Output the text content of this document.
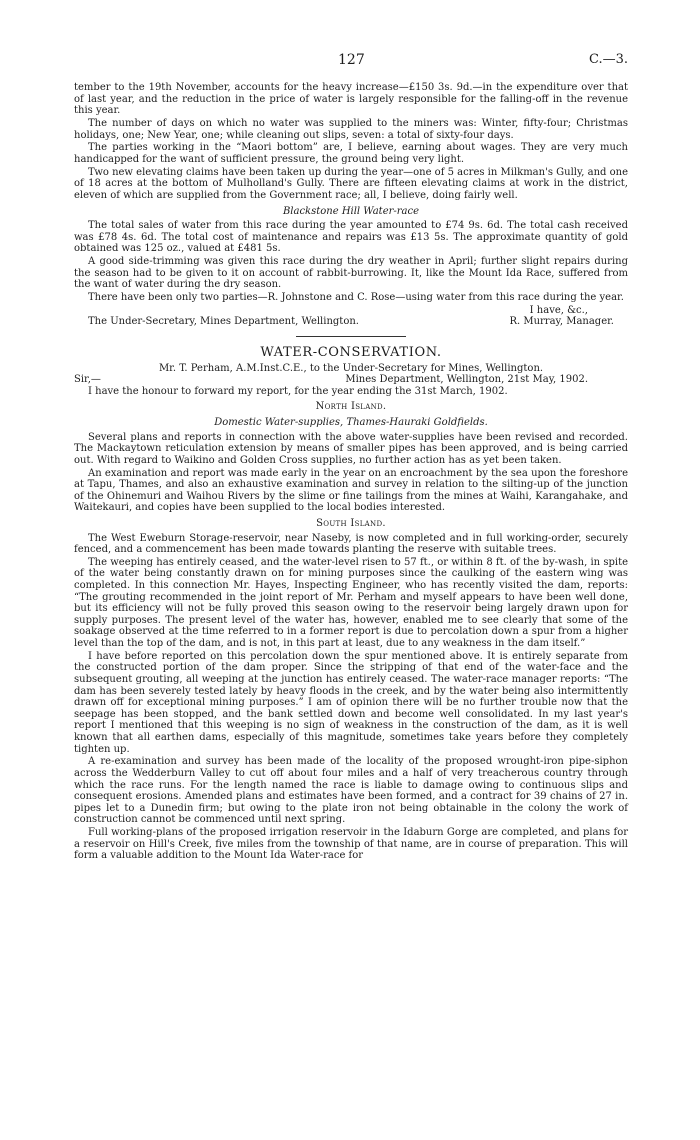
127	C.—3.

tember to the 19th November, accounts for the heavy increase—£150 3s. 9d.—in the expenditure over that of last year, and the reduction in the price of water is largely responsible for the falling-off in the revenue this year.

The number of days on which no water was supplied to the miners was: Winter, fifty-four; Christmas holidays, one; New Year, one; while cleaning out slips, seven: a total of sixty-four days.

The parties working in the “Maori bottom” are, I believe, earning about wages. They are very much handicapped for the want of sufficient pressure, the ground being very light.

Two new elevating claims have been taken up during the year—one of 5 acres in Milkman's Gully, and one of 18 acres at the bottom of Mulholland's Gully. There are fifteen elevating claims at work in the district, eleven of which are supplied from the Government race; all, I believe, doing fairly well.

Blackstone Hill Water-race

The total sales of water from this race during the year amounted to £74 9s. 6d. The total cash received was £78 4s. 6d. The total cost of maintenance and repairs was £13 5s. The approximate quantity of gold obtained was 125 oz., valued at £481 5s.

A good side-trimming was given this race during the dry weather in April; further slight repairs during the season had to be given to it on account of rabbit-burrowing. It, like the Mount Ida Race, suffered from the want of water during the dry season.

There have been only two parties—R. Johnstone and C. Rose—using water from this race during the year.

I have, &c.,
The Under-Secretary, Mines Department, Wellington.	R. Murray, Manager.
WATER-CONSERVATION.
Mr. T. Perham, A.M.Inst.C.E., to the Under-Secretary for Mines, Wellington.
Sir,—	Mines Department, Wellington, 21st May, 1902.

I have the honour to forward my report, for the year ending the 31st March, 1902.

North Island.
Domestic Water-supplies, Thames-Hauraki Goldfields.

Several plans and reports in connection with the above water-supplies have been revised and recorded. The Mackaytown reticulation extension by means of smaller pipes has been approved, and is being carried out. With regard to Waikino and Golden Cross supplies, no further action has as yet been taken.

An examination and report was made early in the year on an encroachment by the sea upon the foreshore at Tapu, Thames, and also an exhaustive examination and survey in relation to the silting-up of the junction of the Ohinemuri and Waihou Rivers by the slime or fine tailings from the mines at Waihi, Karangahake, and Waitekauri, and copies have been supplied to the local bodies interested.

South Island.

The West Eweburn Storage-reservoir, near Naseby, is now completed and in full working-order, securely fenced, and a commencement has been made towards planting the reserve with suitable trees.

The weeping has entirely ceased, and the water-level risen to 57 ft., or within 8 ft. of the by-wash, in spite of the water being constantly drawn on for mining purposes since the caulking of the eastern wing was completed. In this connection Mr. Hayes, Inspecting Engineer, who has recently visited the dam, reports: “The grouting recommended in the joint report of Mr. Perham and myself appears to have been well done, but its efficiency will not be fully proved this season owing to the reservoir being largely drawn upon for supply purposes. The present level of the water has, however, enabled me to see clearly that some of the soakage observed at the time referred to in a former report is due to percolation down a spur from a higher level than the top of the dam, and is not, in this part at least, due to any weakness in the dam itself.”

I have before reported on this percolation down the spur mentioned above. It is entirely separate from the constructed portion of the dam proper. Since the stripping of that end of the water-face and the subsequent grouting, all weeping at the junction has entirely ceased. The water-race manager reports: “The dam has been severely tested lately by heavy floods in the creek, and by the water being also intermittently drawn off for exceptional mining purposes.” I am of opinion there will be no further trouble now that the seepage has been stopped, and the bank settled down and become well consolidated. In my last year's report I mentioned that this weeping is no sign of weakness in the construction of the dam, as it is well known that all earthen dams, especially of this magnitude, sometimes take years before they completely tighten up.

A re-examination and survey has been made of the locality of the proposed wrought-iron pipe-siphon across the Wedderburn Valley to cut off about four miles and a half of very treacherous country through which the race runs. For the length named the race is liable to damage owing to continuous slips and consequent erosions. Amended plans and estimates have been formed, and a contract for 39 chains of 27 in. pipes let to a Dunedin firm; but owing to the plate iron not being obtainable in the colony the work of construction cannot be commenced until next spring.

Full working-plans of the proposed irrigation reservoir in the Idaburn Gorge are completed, and plans for a reservoir on Hill's Creek, five miles from the township of that name, are in course of preparation. This will form a valuable addition to the Mount Ida Water-race for
